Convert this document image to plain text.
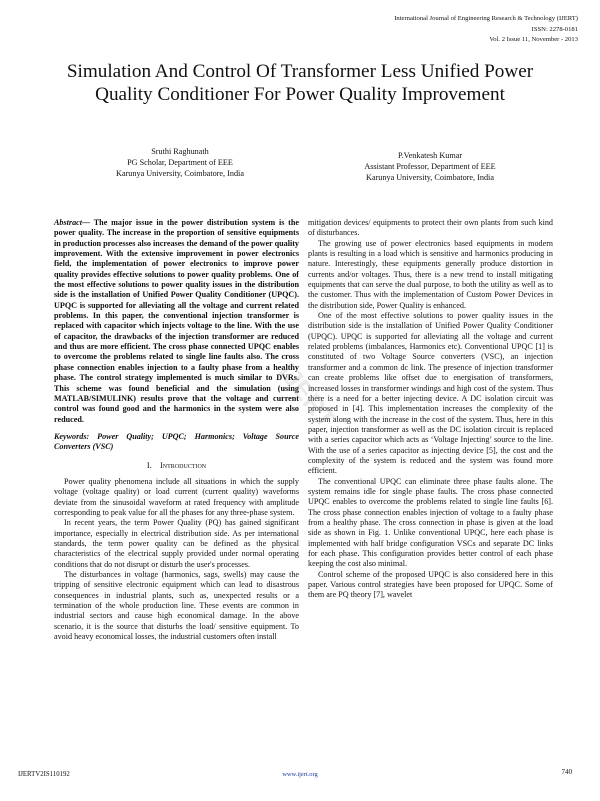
International Journal of Engineering Research & Technology (IJERT)
ISSN: 2278-0181
Vol. 2 Issue 11, November - 2013
Simulation And Control Of Transformer Less Unified Power
Quality Conditioner For Power Quality Improvement
Sruthi Raghunath
PG Scholar, Department of EEE
Karunya University, Coimbatore, India
P.Venkatesh Kumar
Assistant Professor, Department of EEE
Karunya University, Coimbatore, India

Abstract— The major issue in the power distribution system is the power quality. The increase in the proportion of sensitive equipments in production processes also increases the demand of the power quality improvement. With the extensive improvement in power electronics field, the implementation of power electronics to improve power quality provides effective solutions to power quality problems. One of the most effective solutions to power quality issues in the distribution side is the installation of Unified Power Quality Conditioner (UPQC). UPQC is supported for alleviating all the voltage and current related problems. In this paper, the conventional injection transformer is replaced with capacitor which injects voltage to the line. With the use of capacitor, the drawbacks of the injection transformer are reduced and thus are more efficient. The cross phase connected UPQC enables to overcome the problems related to single line faults also. The cross phase connection enables injection to a faulty phase from a healthy phase. The control strategy implemented is much similar to DVRs. This scheme was found beneficial and the simulation (using MATLAB/SIMULINK) results prove that the voltage and current control was found good and the harmonics in the system were also reduced.

Keywords: Power Quality; UPQC; Harmonics; Voltage Source Converters (VSC)

I. Introduction

Power quality phenomena include all situations in which the supply voltage (voltage quality) or load current (current quality) waveforms deviate from the sinusoidal waveform at rated frequency with amplitude corresponding to peak value for all the phases for any three-phase system.

In recent years, the term Power Quality (PQ) has gained significant importance, especially in electrical distribution side. As per international standards, the term power quality can be defined as the physical characteristics of the electrical supply provided under normal operating conditions that do not disrupt or disturb the user's processes.

The disturbances in voltage (harmonics, sags, swells) may cause the tripping of sensitive electronic equipment which can lead to disastrous consequences in industrial plants, such as, unexpected results or a termination of the whole production line. These events are common in industrial sectors and cause high economical damage. In the above scenario, it is the source that disturbs the load/ sensitive equipment. To avoid heavy economical losses, the industrial customers often install

mitigation devices/ equipments to protect their own plants from such kind of disturbances.

The growing use of power electronics based equipments in modern plants is resulting in a load which is sensitive and harmonics producing in nature. Interestingly, these equipments generally produce distortion in currents and/or voltages. Thus, there is a new trend to install mitigating equipments that can serve the dual purpose, to both the utility as well as to the customer. Thus with the implementation of Custom Power Devices in the distribution side, Power Quality is enhanced.

One of the most effective solutions to power quality issues in the distribution side is the installation of Unified Power Quality Conditioner (UPQC). UPQC is supported for alleviating all the voltage and current related problems (imbalances, Harmonics etc). Conventional UPQC [1] is constituted of two Voltage Source converters (VSC), an injection transformer and a common dc link. The presence of injection transformer can create problems like offset due to energisation of transformers, increased losses in transformer windings and high cost of the system. Thus there is a need for a better injecting device. A DC isolation circuit was proposed in [4]. This implementation increases the complexity of the system along with the increase in the cost of the system. Thus, here in this paper, injection transformer as well as the DC isolation circuit is replaced with a series capacitor which acts as ‘Voltage Injecting’ source to the line. With the use of a series capacitor as injecting device [5], the cost and the complexity of the system is reduced and the system was found more efficient.

The conventional UPQC can eliminate three phase faults alone. The system remains idle for single phase faults. The cross phase connected UPQC enables to overcome the problems related to single line faults [6]. The cross phase connection enables injection of voltage to a faulty phase from a healthy phase. The cross connection in phase is given at the load side as shown in Fig. 1. Unlike conventional UPQC, here each phase is implemented with half bridge configuration VSCs and separate DC links for each phase. This configuration provides better control of each phase keeping the cost also minimal.

Control scheme of the proposed UPQC is also considered here in this paper. Various control strategies have been proposed for UPQC. Some of them are PQ theory [7], wavelet

IJERT
IJERTV2IS110192	www.ijert.org	740
